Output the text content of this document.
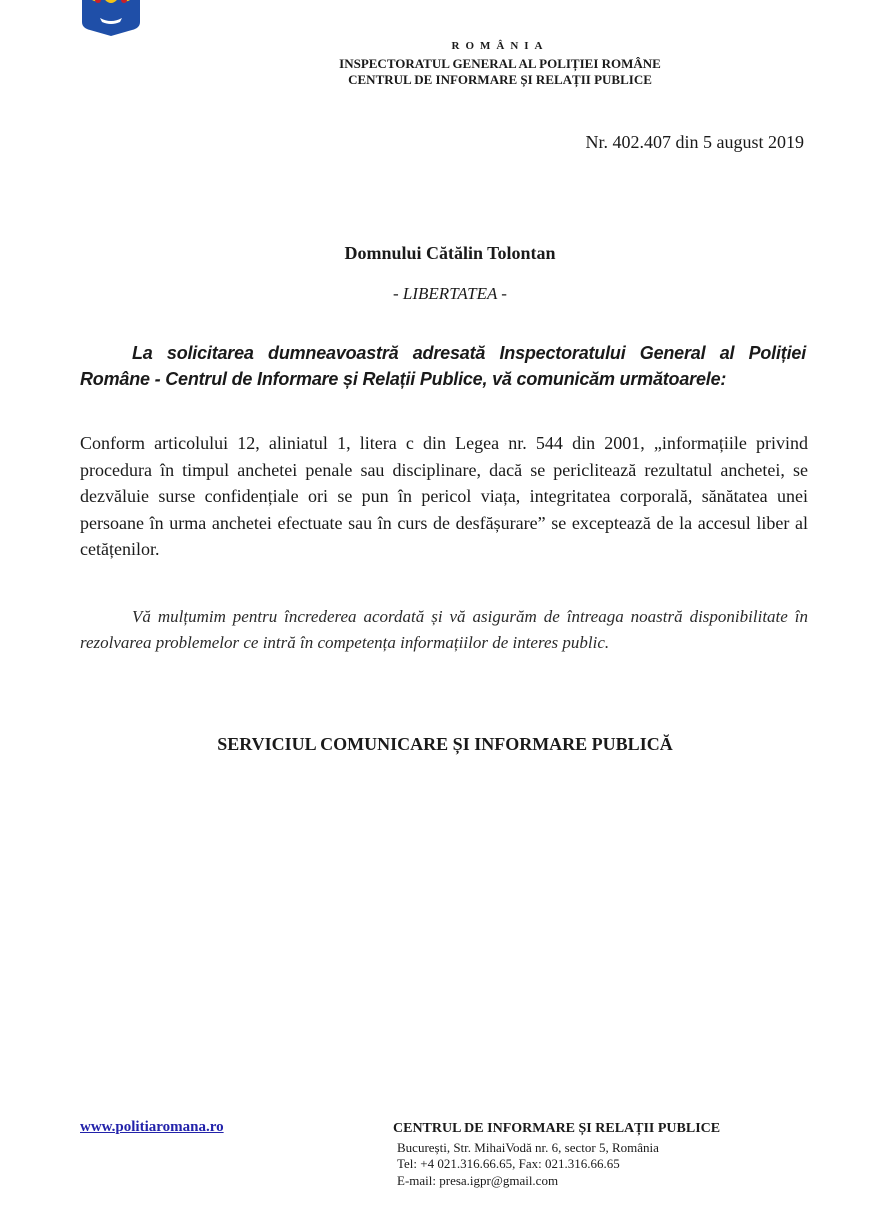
ROMÂNIA
INSPECTORATUL GENERAL AL POLIȚIEI ROMÂNE
CENTRUL DE INFORMARE ȘI RELAȚII PUBLICE
Nr. 402.407 din 5 august 2019
Domnului Cătălin Tolontan
- LIBERTATEA -
La solicitarea dumneavoastră adresată Inspectoratului General al Poliției Române - Centrul de Informare și Relații Publice, vă comunicăm următoarele:
Conform articolului 12, aliniatul 1, litera c din Legea nr. 544 din 2001, „informațiile privind procedura în timpul anchetei penale sau disciplinare, dacă se periclitează rezultatul anchetei, se dezvăluie surse confidențiale ori se pun în pericol viața, integritatea corporală, sănătatea unei persoane în urma anchetei efectuate sau în curs de desfășurare” se exceptează de la accesul liber al cetățenilor.
Vă mulțumim pentru încrederea acordată și vă asigurăm de întreaga noastră disponibilitate în rezolvarea problemelor ce intră în competența informațiilor de interes public.
SERVICIUL COMUNICARE ȘI INFORMARE PUBLICĂ
www.politiaromana.ro	CENTRUL DE INFORMARE ȘI RELAȚII PUBLICE
București, Str. MihaiVodă nr. 6, sector 5, România
Tel: +4 021.316.66.65, Fax: 021.316.66.65
E-mail: presa.igpr@gmail.com
